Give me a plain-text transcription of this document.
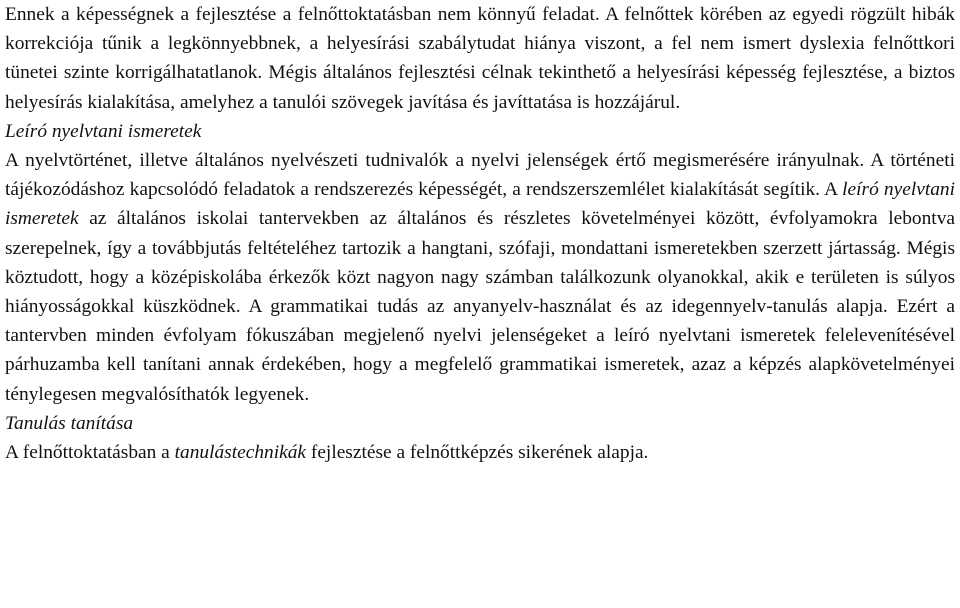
Ennek a képességnek a fejlesztése a felnőttoktatásban nem könnyű feladat. A felnőttek körében az egyedi rögzült hibák korrekciója tűnik a legkönnyebbnek, a helyesírási szabálytudat hiánya viszont, a fel nem ismert dyslexia felnőttkori tünetei szinte korrigálhatatlanok. Mégis általános fejlesztési célnak tekinthető a helyesírási képesség fejlesztése, a biztos helyesírás kialakítása, amelyhez a tanulói szövegek javítása és javíttatása is hozzájárul.

Leíró nyelvtani ismeretek

A nyelvtörténet, illetve általános nyelvészeti tudnivalók a nyelvi jelenségek értő megismerésére irányulnak. A történeti tájékozódáshoz kapcsolódó feladatok a rendszerezés képességét, a rendszerszemlélet kialakítását segítik. A leíró nyelvtani ismeretek az általános iskolai tantervekben az általános és részletes követelményei között, évfolyamokra lebontva szerepelnek, így a továbbjutás feltételéhez tartozik a hangtani, szófaji, mondattani ismeretekben szerzett jártasság. Mégis köztudott, hogy a középiskolába érkezők közt nagyon nagy számban találkozunk olyanokkal, akik e területen is súlyos hiányosságokkal küszködnek. A grammatikai tudás az anyanyelv-használat és az idegennyelv-tanulás alapja. Ezért a tantervben minden évfolyam fókuszában megjelenő nyelvi jelenségeket a leíró nyelvtani ismeretek felelevenítésével párhuzamba kell tanítani annak érdekében, hogy a megfelelő grammatikai ismeretek, azaz a képzés alapkövetelményei ténylegesen megvalósíthatók legyenek.

Tanulás tanítása

A felnőttoktatásban a tanulástechnikák fejlesztése a felnőttképzés sikerének alapja.
